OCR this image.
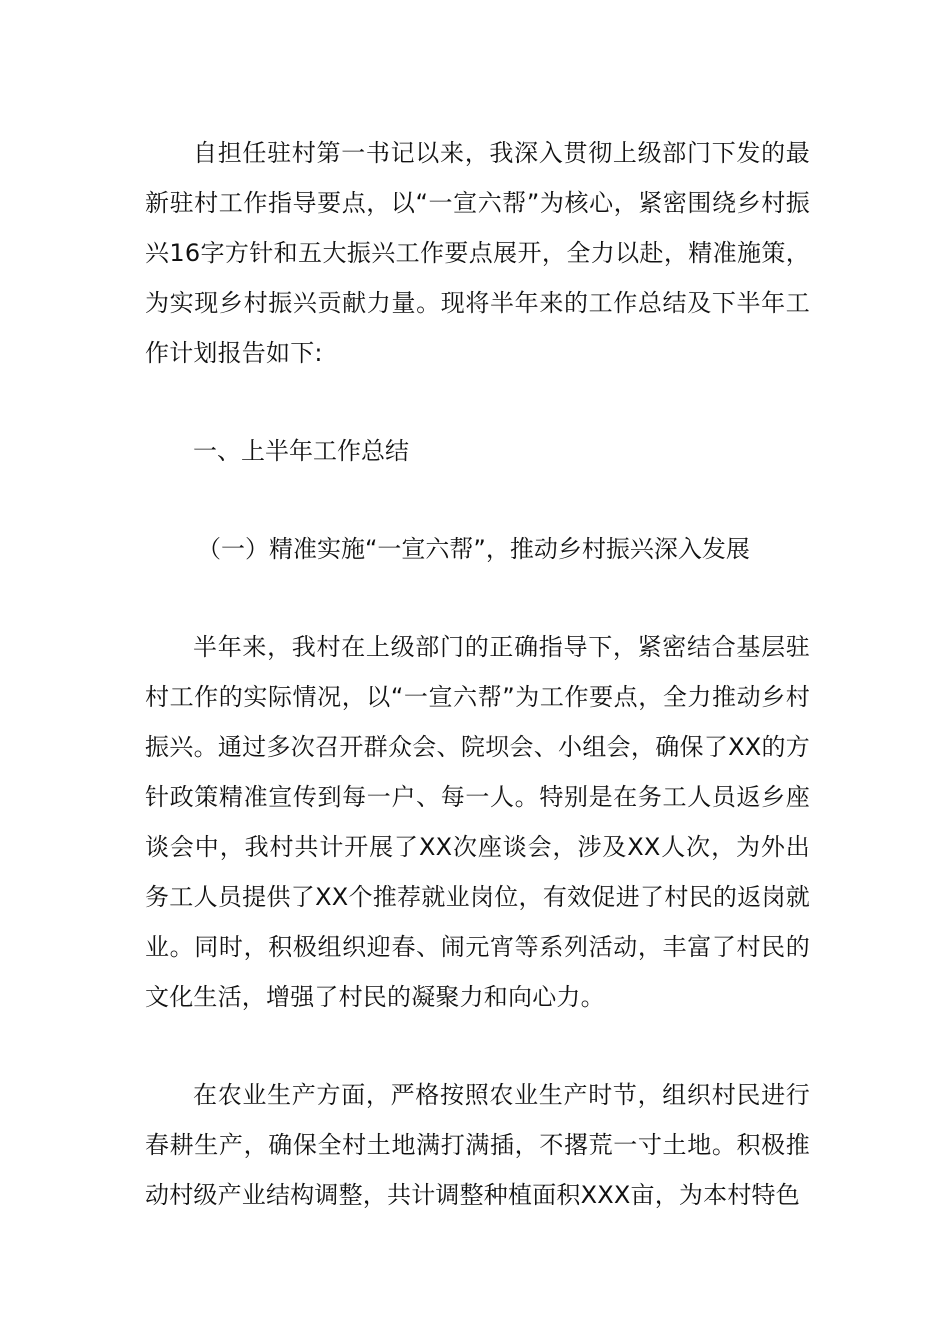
自担任驻村第一书记以来，我深入贯彻上级部门下发的最新驻村工作指导要点，以“一宣六帮”为核心，紧密围绕乡村振兴16字方针和五大振兴工作要点展开，全力以赴，精准施策，为实现乡村振兴贡献力量。现将半年来的工作总结及下半年工作计划报告如下:

一、上半年工作总结

（一）精准实施“一宣六帮”，推动乡村振兴深入发展

半年来，我村在上级部门的正确指导下，紧密结合基层驻村工作的实际情况，以“一宣六帮”为工作要点，全力推动乡村振兴。通过多次召开群众会、院坝会、小组会，确保了XX的方针政策精准宣传到每一户、每一人。特别是在务工人员返乡座谈会中，我村共计开展了XX次座谈会，涉及XX人次，为外出务工人员提供了XX个推荐就业岗位，有效促进了村民的返岗就业。同时，积极组织迎春、闹元宵等系列活动，丰富了村民的文化生活，增强了村民的凝聚力和向心力。

在农业生产方面，严格按照农业生产时节，组织村民进行春耕生产，确保全村土地满打满插，不撂荒一寸土地。积极推动村级产业结构调整，共计调整种植面积XXX亩，为本村特色
